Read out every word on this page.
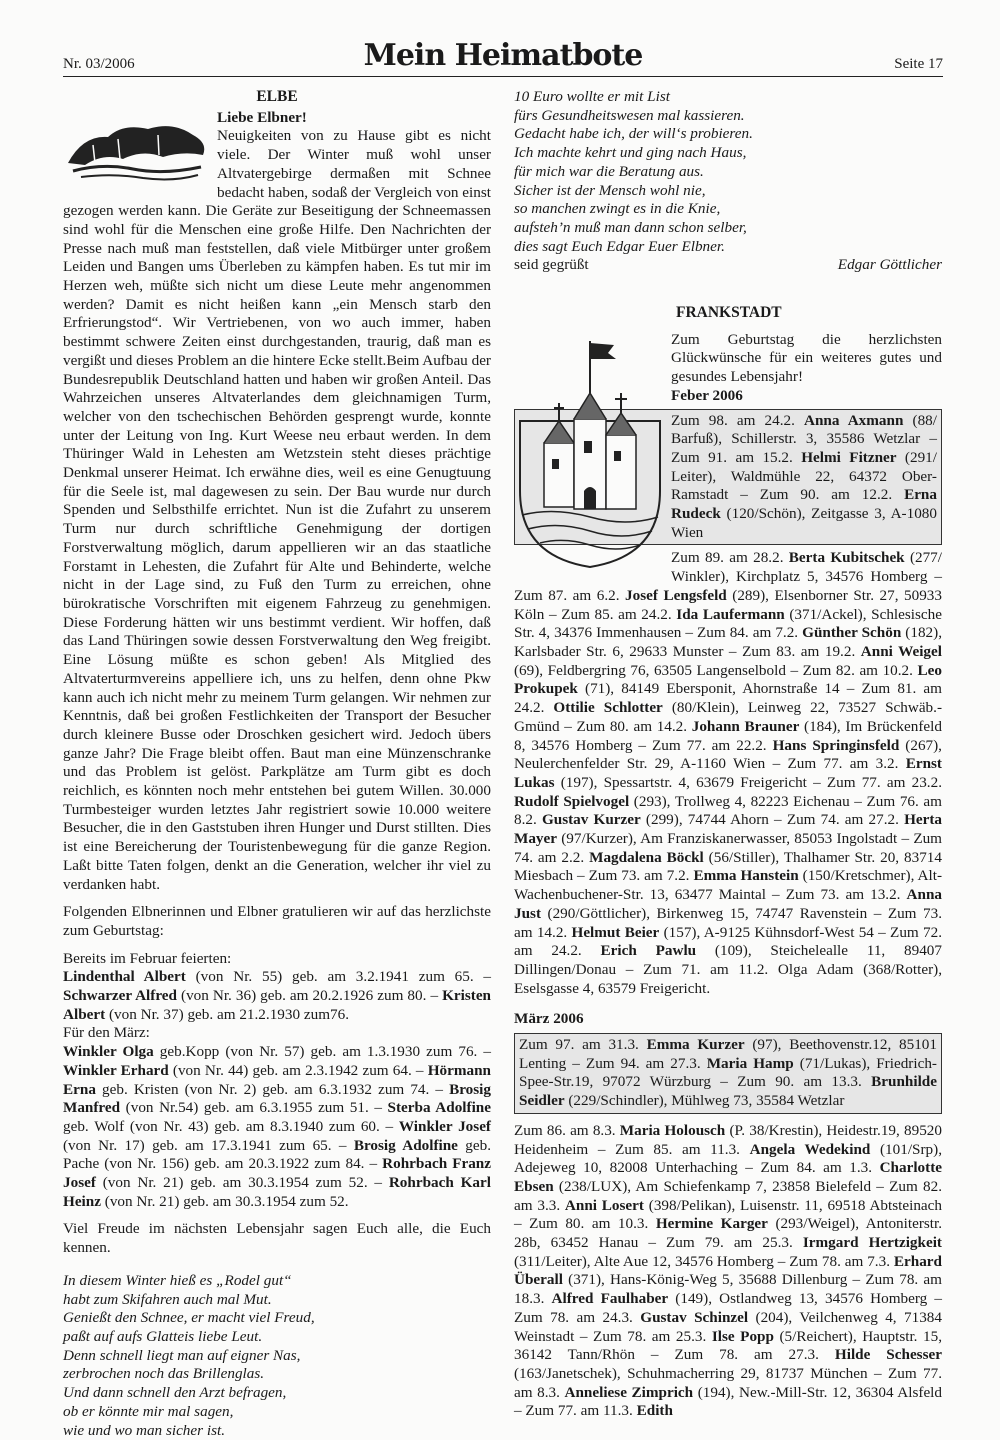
Nr. 03/2006	Mein Heimatbote	Seite 17
ELBE

Liebe Elbner!
Neuigkeiten von zu Hause gibt es nicht viele. Der Winter muß wohl unser Altvatergebirge dermaßen mit Schnee bedacht haben, sodaß der Vergleich von einst gezogen werden kann. Die Geräte zur Beseitigung der Schneemassen sind wohl für die Menschen eine große Hilfe. Den Nachrichten der Presse nach muß man feststellen, daß viele Mitbürger unter großem Leiden und Bangen ums Überleben zu kämpfen haben. Es tut mir im Herzen weh, müßte sich nicht um diese Leute mehr angenommen werden? Damit es nicht heißen kann „ein Mensch starb den Erfrierungstod“. Wir Vertriebenen, von wo auch immer, haben bestimmt schwere Zeiten einst durchgestanden, traurig, daß man es vergißt und dieses Problem an die hintere Ecke stellt.Beim Aufbau der Bundesrepublik Deutschland hatten und haben wir großen Anteil. Das Wahrzeichen unseres Altvaterlandes dem gleichnamigen Turm, welcher von den tschechischen Behörden gesprengt wurde, konnte unter der Leitung von Ing. Kurt Weese neu erbaut werden. In dem Thüringer Wald in Lehesten am Wetzstein steht dieses prächtige Denkmal unserer Heimat. Ich erwähne dies, weil es eine Genugtuung für die Seele ist, mal dagewesen zu sein. Der Bau wurde nur durch Spenden und Selbsthilfe errichtet. Nun ist die Zufahrt zu unserem Turm nur durch schriftliche Genehmigung der dortigen Forstverwaltung möglich, darum appellieren wir an das staatliche Forstamt in Lehesten, die Zufahrt für Alte und Behinderte, welche nicht in der Lage sind, zu Fuß den Turm zu erreichen, ohne bürokratische Vorschriften mit eigenem Fahrzeug zu genehmigen. Diese Forderung hätten wir uns bestimmt verdient. Wir hoffen, daß das Land Thüringen sowie dessen Forstverwaltung den Weg freigibt. Eine Lösung müßte es schon geben! Als Mitglied des Altvaterturmvereins appelliere ich, uns zu helfen, denn ohne Pkw kann auch ich nicht mehr zu meinem Turm gelangen. Wir nehmen zur Kenntnis, daß bei großen Festlichkeiten der Transport der Besucher durch kleinere Busse oder Droschken gesichert wird. Jedoch übers ganze Jahr? Die Frage bleibt offen. Baut man eine Münzenschranke und das Problem ist gelöst. Parkplätze am Turm gibt es doch reichlich, es könnten noch mehr entstehen bei gutem Willen. 30.000 Turmbesteiger wurden letztes Jahr registriert sowie 10.000 weitere Besucher, die in den Gaststuben ihren Hunger und Durst stillten. Dies ist eine Bereicherung der Touristenbewegung für die ganze Region. Laßt bitte Taten folgen, denkt an die Generation, welcher ihr viel zu verdanken habt.

Folgenden Elbnerinnen und Elbner gratulieren wir auf das herzlichste zum Geburtstag:

Bereits im Februar feierten:

Lindenthal Albert (von Nr. 55) geb. am 3.2.1941 zum 65. – Schwarzer Alfred (von Nr. 36) geb. am 20.2.1926 zum 80. – Kristen Albert (von Nr. 37) geb. am 21.2.1930 zum76.

Für den März:

Winkler Olga geb.Kopp (von Nr. 57) geb. am 1.3.1930 zum 76. – Winkler Erhard (von Nr. 44) geb. am 2.3.1942 zum 64. – Hörmann Erna geb. Kristen (von Nr. 2) geb. am 6.3.1932 zum 74. – Brosig Manfred (von Nr.54) geb. am 6.3.1955 zum 51. – Sterba Adolfine geb. Wolf (von Nr. 43) geb. am 8.3.1940 zum 60. – Winkler Josef (von Nr. 17) geb. am 17.3.1941 zum 65. – Brosig Adolfine geb. Pache (von Nr. 156) geb. am 20.3.1922 zum 84. – Rohrbach Franz Josef (von Nr. 21) geb. am 30.3.1954 zum 52. – Rohrbach Karl Heinz (von Nr. 21) geb. am 30.3.1954 zum 52.

Viel Freude im nächsten Lebensjahr sagen Euch alle, die Euch kennen.

In diesem Winter hieß es „Rodel gut“

habt zum Skifahren auch mal Mut.

Genießt den Schnee, er macht viel Freud,

paßt auf aufs Glatteis liebe Leut.

Denn schnell liegt man auf eigner Nas,

zerbrochen noch das Brillenglas.

Und dann schnell den Arzt befragen,

ob er könnte mir mal sagen,

wie und wo man sicher ist.

10 Euro wollte er mit List

fürs Gesundheitswesen mal kassieren.

Gedacht habe ich, der will‘s probieren.

Ich machte kehrt und ging nach Haus,

für mich war die Beratung aus.

Sicher ist der Mensch wohl nie,

so manchen zwingt es in die Knie,

aufsteh’n muß man dann schon selber,

dies sagt Euch Edgar Euer Elbner.

seid gegrüßt	Edgar Göttlicher
FRANKSTADT

Zum Geburtstag die herzlichsten Glückwünsche für ein weiteres gutes und gesundes Lebensjahr!

Feber 2006
Zum 98. am 24.2. Anna Axmann (88/ Barfuß), Schillerstr. 3, 35586 Wetzlar – Zum 91. am 15.2. Helmi Fitzner (291/ Leiter), Waldmühle 22, 64372 Ober-Ramstadt – Zum 90. am 12.2. Erna Rudeck (120/Schön), Zeitgasse 3, A-1080 Wien

Zum 89. am 28.2. Berta Kubitschek (277/ Winkler), Kirchplatz 5, 34576 Homberg – Zum 87. am 6.2. Josef Lengsfeld (289), Elsenborner Str. 27, 50933 Köln – Zum 85. am 24.2. Ida Laufermann (371/Ackel), Schlesische Str. 4, 34376 Immenhausen – Zum 84. am 7.2. Günther Schön (182), Karlsbader Str. 6, 29633 Munster – Zum 83. am 19.2. Anni Weigel (69), Feldbergring 76, 63505 Langenselbold – Zum 82. am 10.2. Leo Prokupek (71), 84149 Ebersponit, Ahornstraße 14 – Zum 81. am 24.2. Ottilie Schlotter (80/Klein), Leinweg 22, 73527 Schwäb.-Gmünd – Zum 80. am 14.2. Johann Brauner (184), Im Brückenfeld 8, 34576 Homberg – Zum 77. am 22.2. Hans Springinsfeld (267), Neulerchenfelder Str. 29, A-1160 Wien – Zum 77. am 3.2. Ernst Lukas (197), Spessartstr. 4, 63679 Freigericht – Zum 77. am 23.2. Rudolf Spielvogel (293), Trollweg 4, 82223 Eichenau – Zum 76. am 8.2. Gustav Kurzer (299), 74744 Ahorn – Zum 74. am 27.2. Herta Mayer (97/Kurzer), Am Franziskanerwasser, 85053 Ingolstadt – Zum 74. am 2.2. Magdalena Böckl (56/Stiller), Thalhamer Str. 20, 83714 Miesbach – Zum 73. am 7.2. Emma Hanstein (150/Kretschmer), Alt-Wachenbuchener-Str. 13, 63477 Maintal – Zum 73. am 13.2. Anna Just (290/Göttlicher), Birkenweg 15, 74747 Ravenstein – Zum 73. am 14.2. Helmut Beier (157), A-9125 Kühnsdorf-West 54 – Zum 72. am 24.2. Erich Pawlu (109), Steichelealle 11, 89407 Dillingen/Donau – Zum 71. am 11.2. Olga Adam (368/Rotter), Eselsgasse 4, 63579 Freigericht.

März 2006
Zum 97. am 31.3. Emma Kurzer (97), Beethovenstr.12, 85101 Lenting – Zum 94. am 27.3. Maria Hamp (71/Lukas), Friedrich-Spee-Str.19, 97072 Würzburg – Zum 90. am 13.3. Brunhilde Seidler (229/Schindler), Mühlweg 73, 35584 Wetzlar

Zum 86. am 8.3. Maria Holousch (P. 38/Krestin), Heidestr.19, 89520 Heidenheim – Zum 85. am 11.3. Angela Wedekind (101/Srp), Adejeweg 10, 82008 Unterhaching – Zum 84. am 1.3. Charlotte Ebsen (238/LUX), Am Schiefenkamp 7, 23858 Bielefeld – Zum 82. am 3.3. Anni Losert (398/Pelikan), Luisenstr. 11, 69518 Abtsteinach – Zum 80. am 10.3. Hermine Karger (293/Weigel), Antoniterstr. 28b, 63452 Hanau – Zum 79. am 25.3. Irmgard Hertzigkeit (311/Leiter), Alte Aue 12, 34576 Homberg – Zum 78. am 7.3. Erhard Überall (371), Hans-König-Weg 5, 35688 Dillenburg – Zum 78. am 18.3. Alfred Faulhaber (149), Ostlandweg 13, 34576 Homberg – Zum 78. am 24.3. Gustav Schinzel (204), Veilchenweg 4, 71384 Weinstadt – Zum 78. am 25.3. Ilse Popp (5/Reichert), Hauptstr. 15, 36142 Tann/Rhön – Zum 78. am 27.3. Hilde Schesser (163/Janetschek), Schuhmacherring 29, 81737 München – Zum 77. am 8.3. Anneliese Zimprich (194), New.-Mill-Str. 12, 36304 Alsfeld – Zum 77. am 11.3. Edith
